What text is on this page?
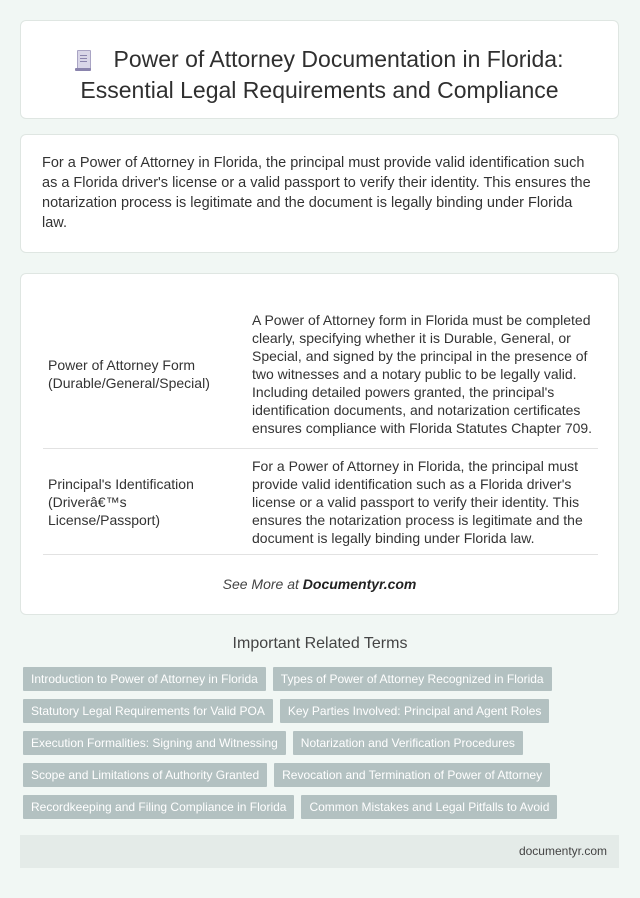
Power of Attorney Documentation in Florida:
Essential Legal Requirements and Compliance

For a Power of Attorney in Florida, the principal must provide valid identification such as a Florida driver's license or a valid passport to verify their identity. This ensures the notarization process is legitimate and the document is legally binding under Florida law.

Power of Attorney Form (Durable/General/Special)	A Power of Attorney form in Florida must be completed clearly, specifying whether it is Durable, General, or Special, and signed by the principal in the presence of two witnesses and a notary public to be legally valid. Including detailed powers granted, the principal's identification documents, and notarization certificates ensures compliance with Florida Statutes Chapter 709.
Principal's Identification (Driverâ€™s License/Passport)	For a Power of Attorney in Florida, the principal must provide valid identification such as a Florida driver's license or a valid passport to verify their identity. This ensures the notarization process is legitimate and the document is legally binding under Florida law.
See More at Documentyr.com
Important Related Terms
Introduction to Power of Attorney in Florida Types of Power of Attorney Recognized in Florida
Statutory Legal Requirements for Valid POA Key Parties Involved: Principal and Agent Roles
Execution Formalities: Signing and Witnessing Notarization and Verification Procedures
Scope and Limitations of Authority Granted Revocation and Termination of Power of Attorney
Recordkeeping and Filing Compliance in Florida Common Mistakes and Legal Pitfalls to Avoid
documentyr.com
